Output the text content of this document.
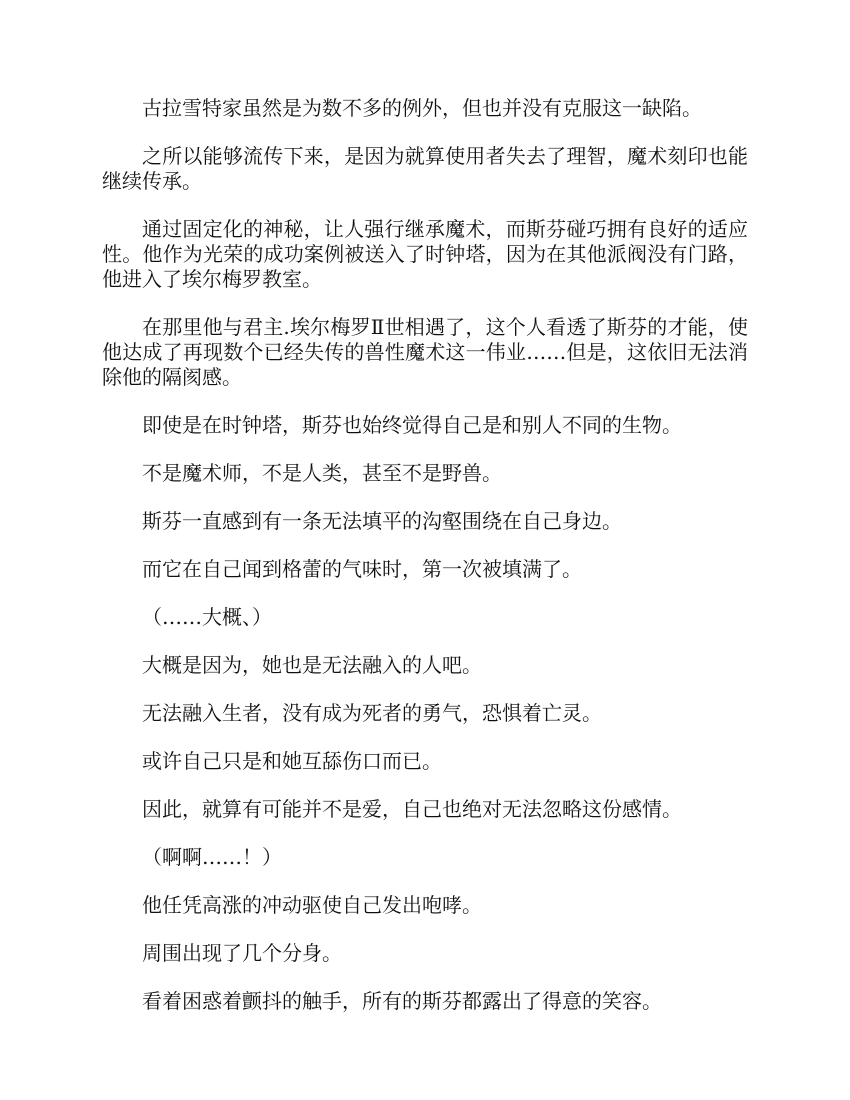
古拉雪特家虽然是为数不多的例外，但也并没有克服这一缺陷。

之所以能够流传下来，是因为就算使用者失去了理智，魔术刻印也能继续传承。

通过固定化的神秘，让人强行继承魔术，而斯芬碰巧拥有良好的适应性。他作为光荣的成功案例被送入了时钟塔，因为在其他派阀没有门路，他进入了埃尔梅罗教室。

在那里他与君主.埃尔梅罗Ⅱ世相遇了，这个人看透了斯芬的才能，使他达成了再现数个已经失传的兽性魔术这一伟业……但是，这依旧无法消除他的隔阂感。

即使是在时钟塔，斯芬也始终觉得自己是和别人不同的生物。

不是魔术师，不是人类，甚至不是野兽。

斯芬一直感到有一条无法填平的沟壑围绕在自己身边。

而它在自己闻到格蕾的气味时，第一次被填满了。

（……大概、）

大概是因为，她也是无法融入的人吧。

无法融入生者，没有成为死者的勇气，恐惧着亡灵。

或许自己只是和她互舔伤口而已。

因此，就算有可能并不是爱，自己也绝对无法忽略这份感情。

（啊啊……！）

他任凭高涨的冲动驱使自己发出咆哮。

周围出现了几个分身。

看着困惑着颤抖的触手，所有的斯芬都露出了得意的笑容。
